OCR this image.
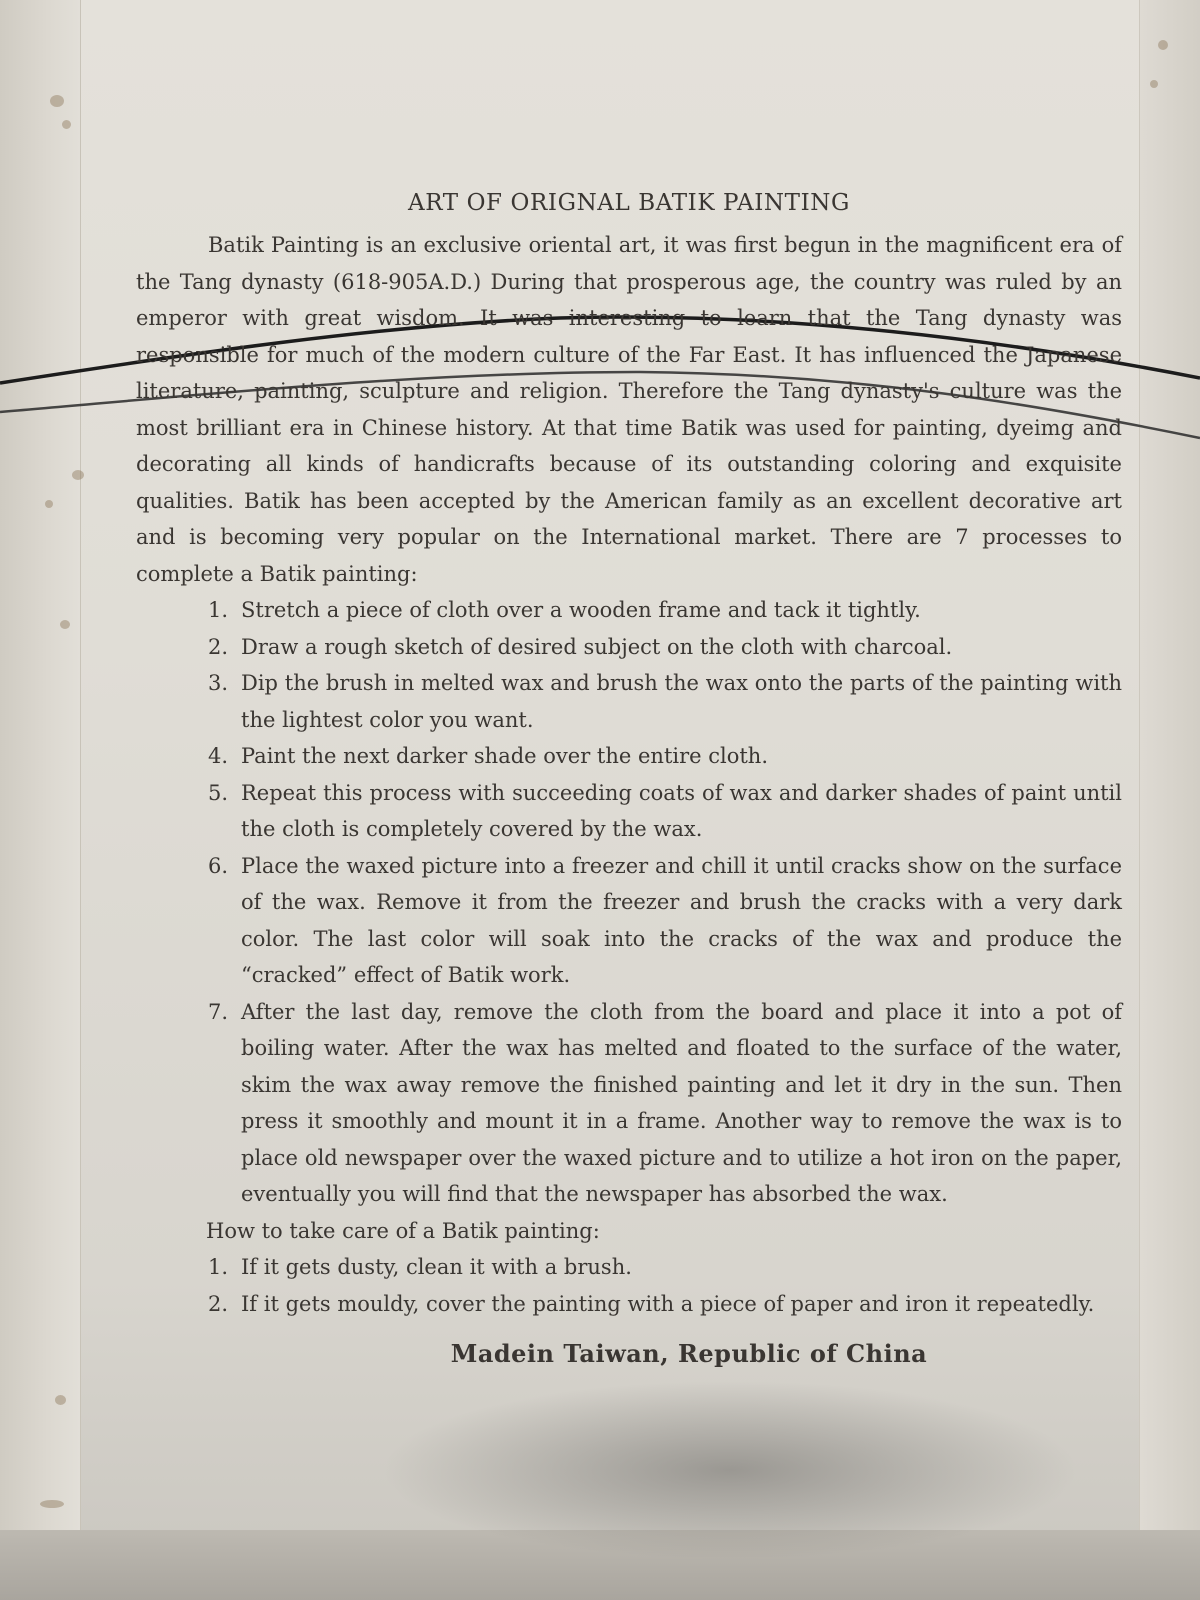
ART OF ORIGNAL BATIK PAINTING

Batik Painting is an exclusive oriental art, it was first begun in the magnificent era of the Tang dynasty (618-905A.D.) During that prosperous age, the country was ruled by an emperor with great wisdom. It was interesting to learn that the Tang dynasty was responsible for much of the modern culture of the Far East. It has influenced the Japanese literature, painting, sculpture and religion. Therefore the Tang dynasty's culture was the most brilliant era in Chinese history. At that time Batik was used for painting, dyeimg and decorating all kinds of handicrafts because of its outstanding coloring and exquisite qualities. Batik has been accepted by the American family as an excellent decorative art and is becoming very popular on the International market. There are 7 processes to complete a Batik painting:

1. Stretch a piece of cloth over a wooden frame and tack it tightly.
2. Draw a rough sketch of desired subject on the cloth with charcoal.
3. Dip the brush in melted wax and brush the wax onto the parts of the painting with the lightest color you want.
4. Paint the next darker shade over the entire cloth.
5. Repeat this process with succeeding coats of wax and darker shades of paint until the cloth is completely covered by the wax.
6. Place the waxed picture into a freezer and chill it until cracks show on the surface of the wax. Remove it from the freezer and brush the cracks with a very dark color. The last color will soak into the cracks of the wax and produce the “cracked” effect of Batik work.
7. After the last day, remove the cloth from the board and place it into a pot of boiling water. After the wax has melted and floated to the surface of the water, skim the wax away remove the finished painting and let it dry in the sun. Then press it smoothly and mount it in a frame. Another way to remove the wax is to place old newspaper over the waxed picture and to utilize a hot iron on the paper, eventually you will find that the newspaper has absorbed the wax.
How to take care of a Batik painting:
1. If it gets dusty, clean it with a brush.
2. If it gets mouldy, cover the painting with a piece of paper and iron it repeatedly.
Madein Taiwan, Republic of China
